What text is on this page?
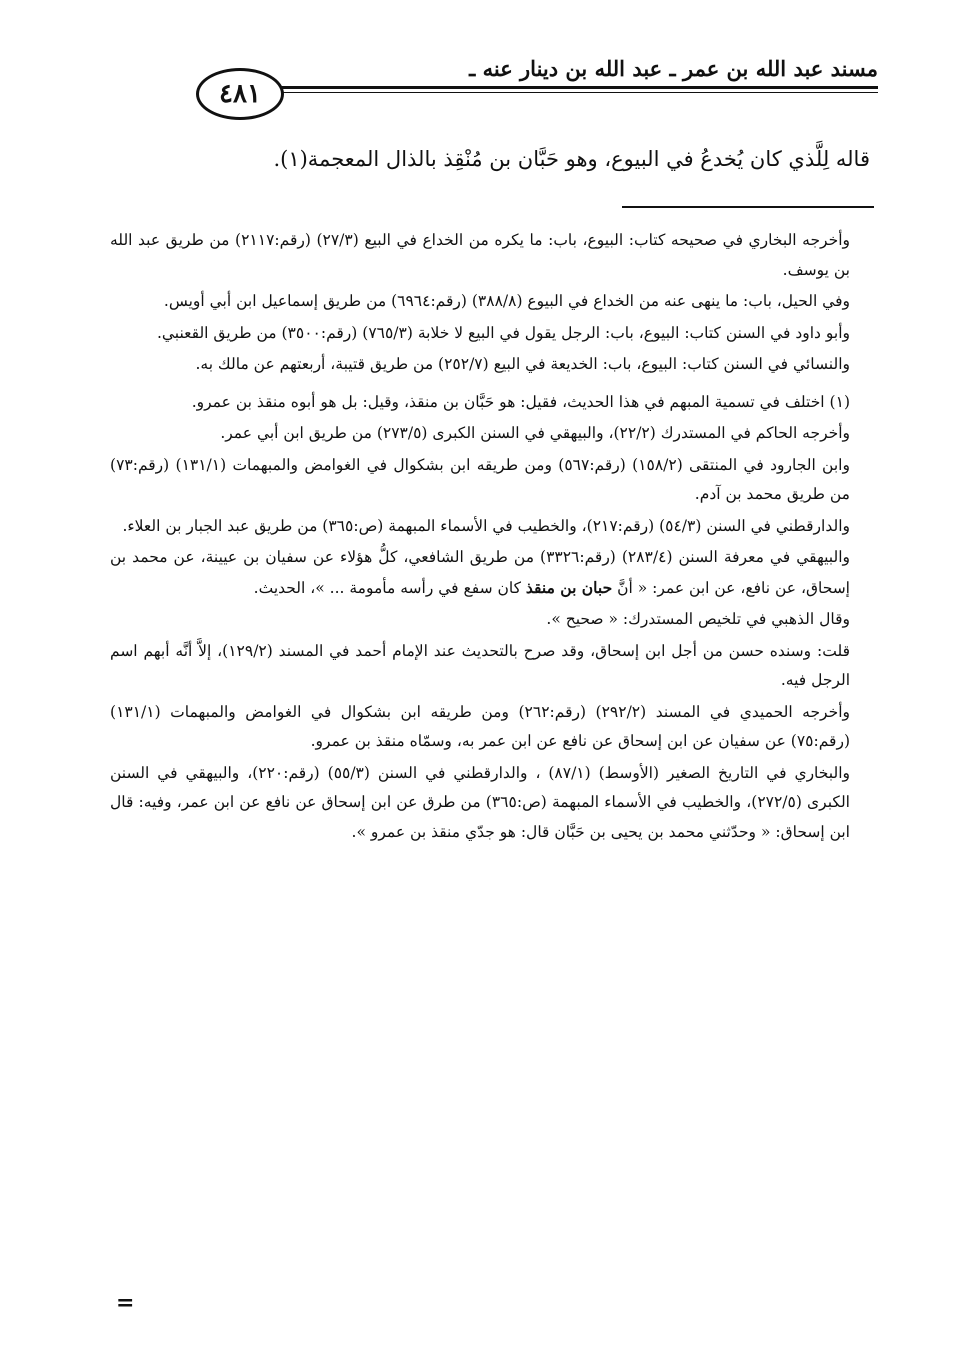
مسند عبد الله بن عمر ـ عبد الله بن دينار عنه ـ
٤٨١
قاله لِلَّذي كان يُخدعُ في البيوع، وهو حَبَّان بن مُنْقِذ بالذال المعجمة(١).

وأخرجه البخاري في صحيحه كتاب: البيوع، باب: ما يكره من الخداع في البيع (٢٧/٣) (رقم:٢١١٧) من طريق عبد الله بن يوسف.

وفي الحيل، باب: ما ينهى عنه من الخداع في البيوع (٣٨٨/٨) (رقم:٦٩٦٤) من طريق إسماعيل ابن أبي أويس.

وأبو داود في السنن كتاب: البيوع، باب: الرجل يقول في البيع لا خلابة (٧٦٥/٣) (رقم:٣٥٠٠) من طريق القعنبي.

والنسائي في السنن كتاب: البيوع، باب: الخديعة في البيع (٢٥٢/٧) من طريق قتيبة، أربعتهم عن مالك به.

(١) اختلف في تسمية المبهم في هذا الحديث، فقيل: هو حَبَّان بن منقذ، وقيل: بل هو أبوه منقذ بن عمرو.

وأخرجه الحاكم في المستدرك (٢٢/٢)، والبيهقي في السنن الكبرى (٢٧٣/٥) من طريق ابن أبي عمر.

وابن الجارود في المنتقى (١٥٨/٢) (رقم:٥٦٧) ومن طريقه ابن بشكوال في الغوامض والمبهمات (١٣١/١) (رقم:٧٣) من طريق محمد بن آدم.

والدارقطني في السنن (٥٤/٣) (رقم:٢١٧)، والخطيب في الأسماء المبهمة (ص:٣٦٥) من طريق عبد الجبار بن العلاء.

والبيهقي في معرفة السنن (٢٨٣/٤) (رقم:٣٣٢٦) من طريق الشافعي، كلُّ هؤلاء عن سفيان بن عيينة، عن محمد بن إسحاق، عن نافع، عن ابن عمر: « أنَّ حبان بن منقذ كان سفع في رأسه مأمومة ... »، الحديث.

وقال الذهبي في تلخيص المستدرك: « صحيح ».

قلت: وسنده حسن من أجل ابن إسحاق، وقد صرح بالتحديث عند الإمام أحمد في المسند (١٢٩/٢)، إلاَّ أنَّه أبهم اسم الرجل فيه.

وأخرجه الحميدي في المسند (٢٩٢/٢) (رقم:٢٦٢) ومن طريقه ابن بشكوال في الغوامض والمبهمات (١٣١/١) (رقم:٧٥) عن سفيان عن ابن إسحاق عن نافع عن ابن عمر به، وسمّاه منقذ بن عمرو.

والبخاري في التاريخ الصغير (الأوسط) (٨٧/١) ، والدارقطني في السنن (٥٥/٣) (رقم:٢٢٠)، والبيهقي في السنن الكبرى (٢٧٢/٥)، والخطيب في الأسماء المبهمة (ص:٣٦٥) من طرق عن ابن إسحاق عن نافع عن ابن عمر، وفيه: قال ابن إسحاق: « وحدّثني محمد بن يحيى بن حَبَّان قال: هو جدّي منقذ بن عمرو ».

=
